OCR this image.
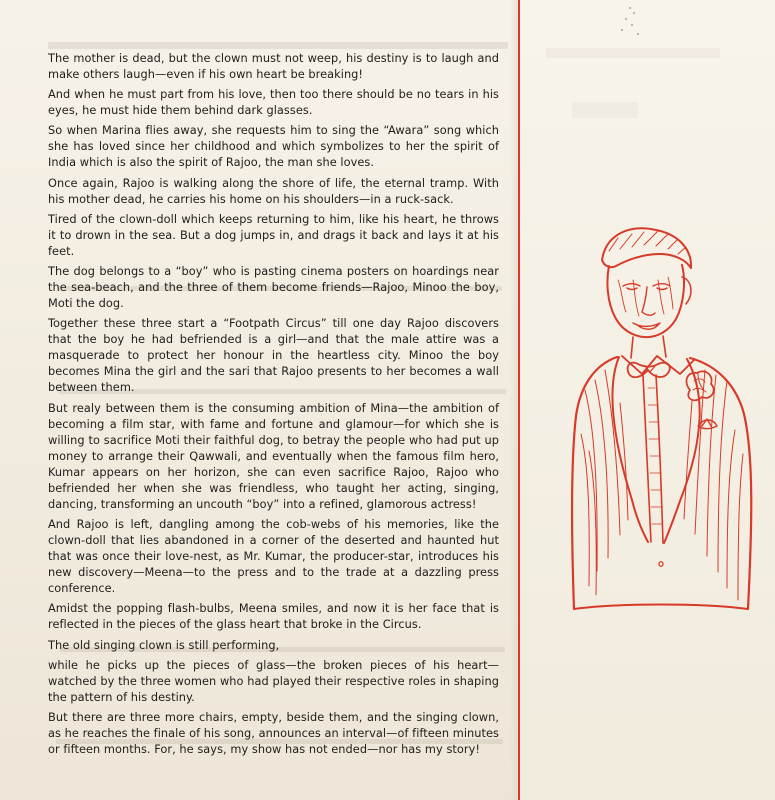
The mother is dead, but the clown must not weep, his destiny is to laugh and make others laugh—even if his own heart be breaking!

And when he must part from his love, then too there should be no tears in his eyes, he must hide them behind dark glasses.

So when Marina flies away, she requests him to sing the “Awara” song which she has loved since her childhood and which symbolizes to her the spirit of India which is also the spirit of Rajoo, the man she loves.

Once again, Rajoo is walking along the shore of life, the eternal tramp. With his mother dead, he carries his home on his shoulders—in a ruck-sack.

Tired of the clown-doll which keeps returning to him, like his heart, he throws it to drown in the sea. But a dog jumps in, and drags it back and lays it at his feet.

The dog belongs to a “boy” who is pasting cinema posters on hoardings near the sea-beach, and the three of them become friends—Rajoo, Minoo the boy, Moti the dog.

Together these three start a “Footpath Circus” till one day Rajoo discovers that the boy he had befriended is a girl—and that the male attire was a masquerade to protect her honour in the heartless city. Minoo the boy becomes Mina the girl and the sari that Rajoo presents to her becomes a wall between them.

But realy between them is the consuming ambition of Mina—the ambition of becoming a film star, with fame and fortune and glamour—for which she is willing to sacrifice Moti their faithful dog, to betray the people who had put up money to arrange their Qawwali, and eventually when the famous film hero, Kumar appears on her horizon, she can even sacrifice Rajoo, Rajoo who befriended her when she was friendless, who taught her acting, singing, dancing, transforming an uncouth “boy” into a refined, glamorous actress!

And Rajoo is left, dangling among the cob-webs of his memories, like the clown-doll that lies abandoned in a corner of the deserted and haunted hut that was once their love-nest, as Mr. Kumar, the producer-star, introduces his new discovery—Meena—to the press and to the trade at a dazzling press conference.

Amidst the popping flash-bulbs, Meena smiles, and now it is her face that is reflected in the pieces of the glass heart that broke in the Circus.

The old singing clown is still performing,

while he picks up the pieces of glass—the broken pieces of his heart—watched by the three women who had played their respective roles in shaping the pattern of his destiny.

But there are three more chairs, empty, beside them, and the singing clown, as he reaches the finale of his song, announces an interval—of fifteen minutes or fifteen months. For, he says, my show has not ended—nor has my story!
